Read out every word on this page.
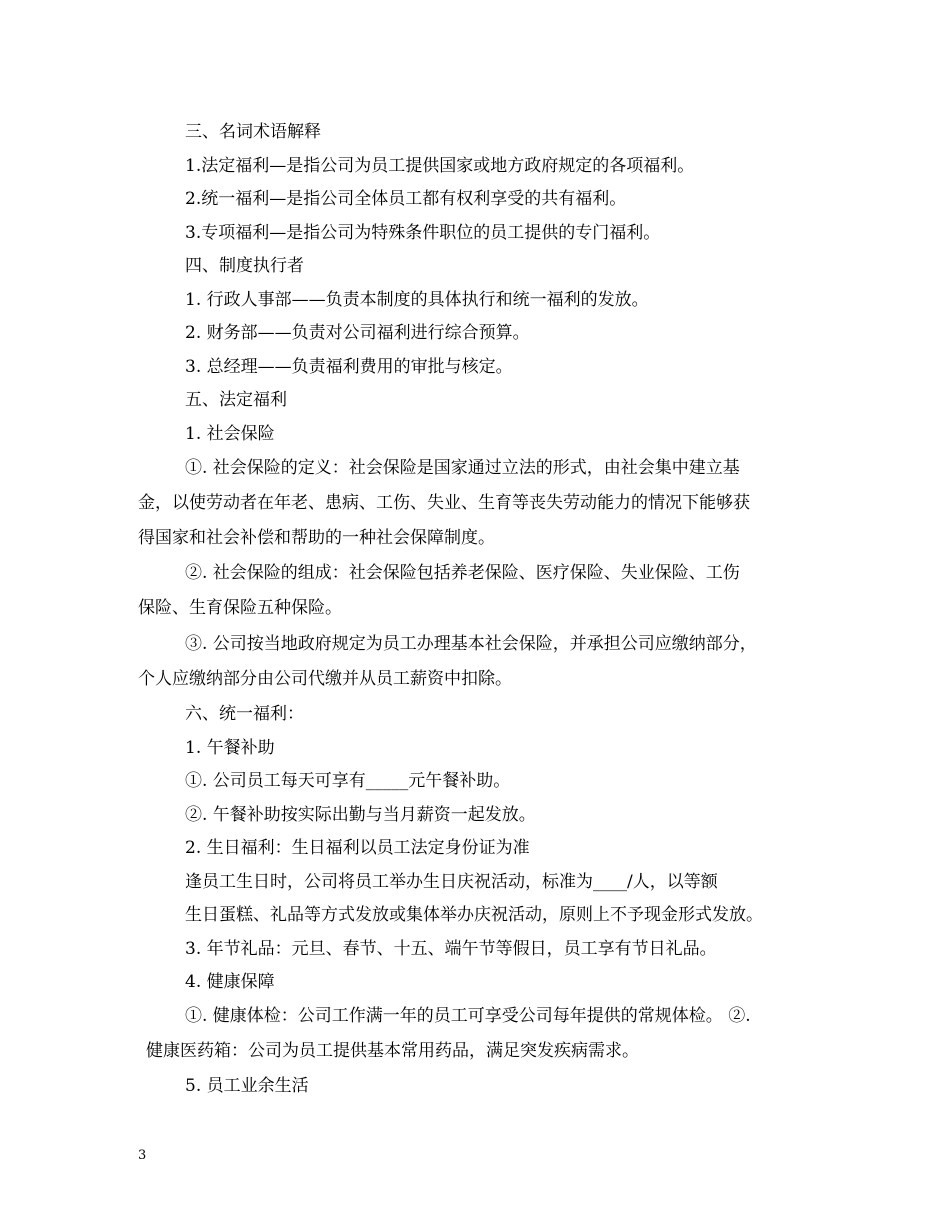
三、名词术语解释
1.法定福利—是指公司为员工提供国家或地方政府规定的各项福利。
2.统一福利—是指公司全体员工都有权利享受的共有福利。
3.专项福利—是指公司为特殊条件职位的员工提供的专门福利。
四、制度执行者
1. 行政人事部——负责本制度的具体执行和统一福利的发放。
2. 财务部——负责对公司福利进行综合预算。
3. 总经理——负责福利费用的审批与核定。
五、法定福利
1. 社会保险
①. 社会保险的定义：社会保险是国家通过立法的形式，由社会集中建立基
金，以使劳动者在年老、患病、工伤、失业、生育等丧失劳动能力的情况下能够获
得国家和社会补偿和帮助的一种社会保障制度。
②. 社会保险的组成：社会保险包括养老保险、医疗保险、失业保险、工伤
保险、生育保险五种保险。
③. 公司按当地政府规定为员工办理基本社会保险，并承担公司应缴纳部分，
个人应缴纳部分由公司代缴并从员工薪资中扣除。
六、统一福利：
1. 午餐补助
①. 公司员工每天可享有_____元午餐补助。
②. 午餐补助按实际出勤与当月薪资一起发放。
2. 生日福利：生日福利以员工法定身份证为准
逢员工生日时，公司将员工举办生日庆祝活动，标准为____/人，以等额
生日蛋糕、礼品等方式发放或集体举办庆祝活动，原则上不予现金形式发放。
3. 年节礼品：元旦、春节、十五、端午节等假日，员工享有节日礼品。
4. 健康保障
①. 健康体检：公司工作满一年的员工可享受公司每年提供的常规体检。 ②.
健康医药箱：公司为员工提供基本常用药品，满足突发疾病需求。
5. 员工业余生活
3
